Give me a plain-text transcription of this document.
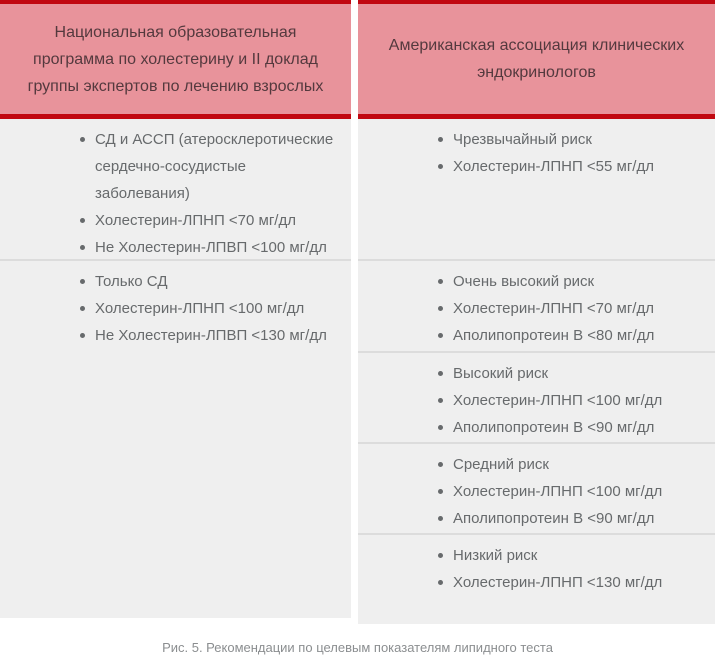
Национальная образовательная программа по холестерину и II доклад группы экспертов по лечению взрослых
СД и АССП (атеросклеротические сердечно-сосудистые заболевания)
Холестерин-ЛПНП <70 мг/дл
Не Холестерин-ЛПВП <100 мг/дл
Только СД
Холестерин-ЛПНП <100 мг/дл
Не Холестерин-ЛПВП <130 мг/дл
Американская ассоциация клинических эндокринологов
Чрезвычайный риск
Холестерин-ЛПНП <55 мг/дл
Очень высокий риск
Холестерин-ЛПНП <70 мг/дл
Аполипопротеин В <80 мг/дл
Высокий риск
Холестерин-ЛПНП <100 мг/дл
Аполипопротеин В <90 мг/дл
Средний риск
Холестерин-ЛПНП <100 мг/дл
Аполипопротеин В <90 мг/дл
Низкий риск
Холестерин-ЛПНП <130 мг/дл
Рис. 5. Рекомендации по целевым показателям липидного теста
